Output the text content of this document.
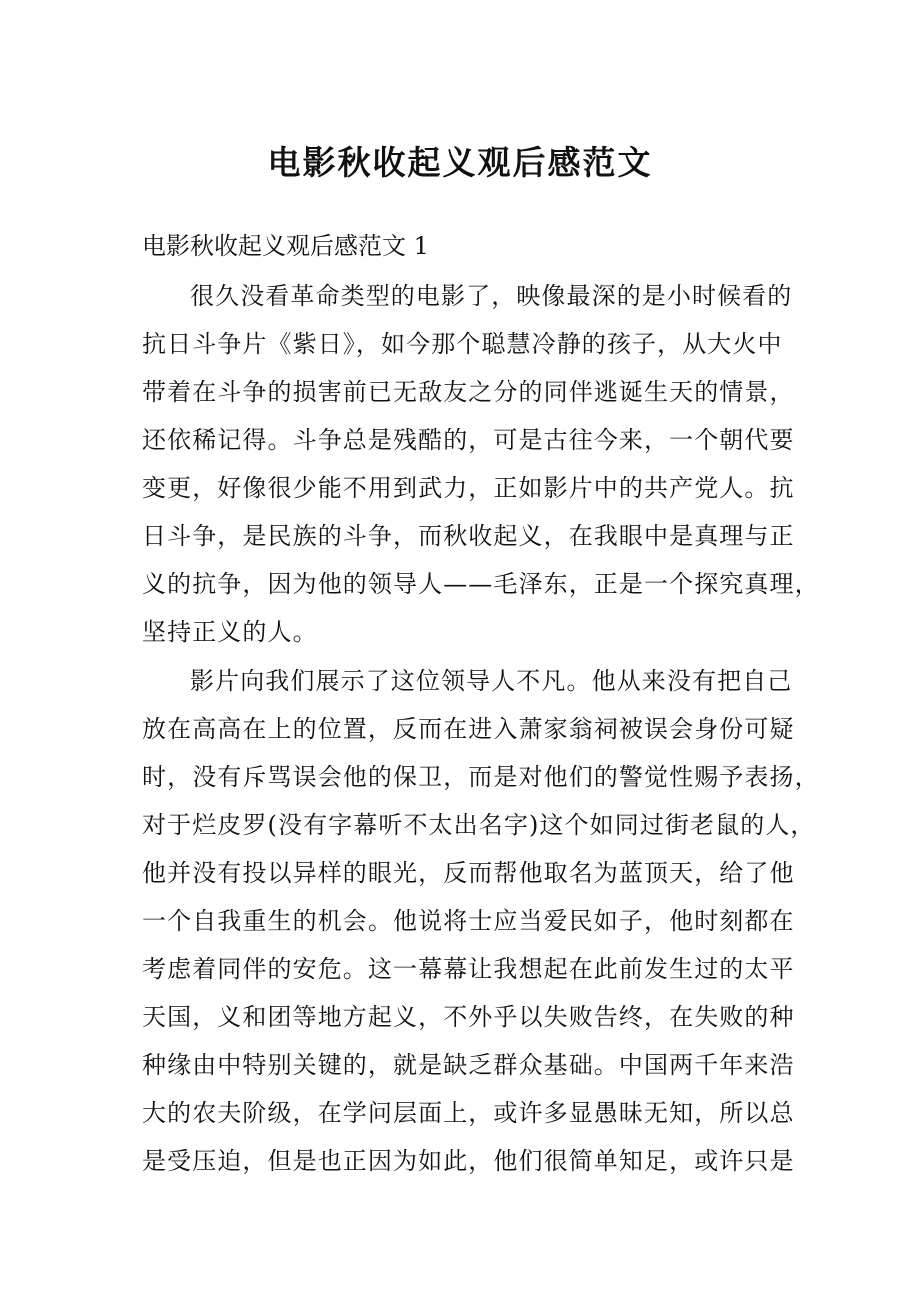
电影秋收起义观后感范文
电影秋收起义观后感范文 1
很久没看革命类型的电影了，映像最深的是小时候看的
抗日斗争片《紫日》，如今那个聪慧冷静的孩子，从大火中
带着在斗争的损害前已无敌友之分的同伴逃诞生天的情景，
还依稀记得。斗争总是残酷的，可是古往今来，一个朝代要
变更，好像很少能不用到武力，正如影片中的共产党人。抗
日斗争，是民族的斗争，而秋收起义，在我眼中是真理与正
义的抗争，因为他的领导人——毛泽东，正是一个探究真理，
坚持正义的人。
影片向我们展示了这位领导人不凡。他从来没有把自己
放在高高在上的位置，反而在进入萧家翁祠被误会身份可疑
时，没有斥骂误会他的保卫，而是对他们的警觉性赐予表扬，
对于烂皮罗(没有字幕听不太出名字)这个如同过街老鼠的人，
他并没有投以异样的眼光，反而帮他取名为蓝顶天，给了他
一个自我重生的机会。他说将士应当爱民如子，他时刻都在
考虑着同伴的安危。这一幕幕让我想起在此前发生过的太平
天国，义和团等地方起义，不外乎以失败告终，在失败的种
种缘由中特别关键的，就是缺乏群众基础。中国两千年来浩
大的农夫阶级，在学问层面上，或许多显愚昧无知，所以总
是受压迫，但是也正因为如此，他们很简单知足，或许只是
